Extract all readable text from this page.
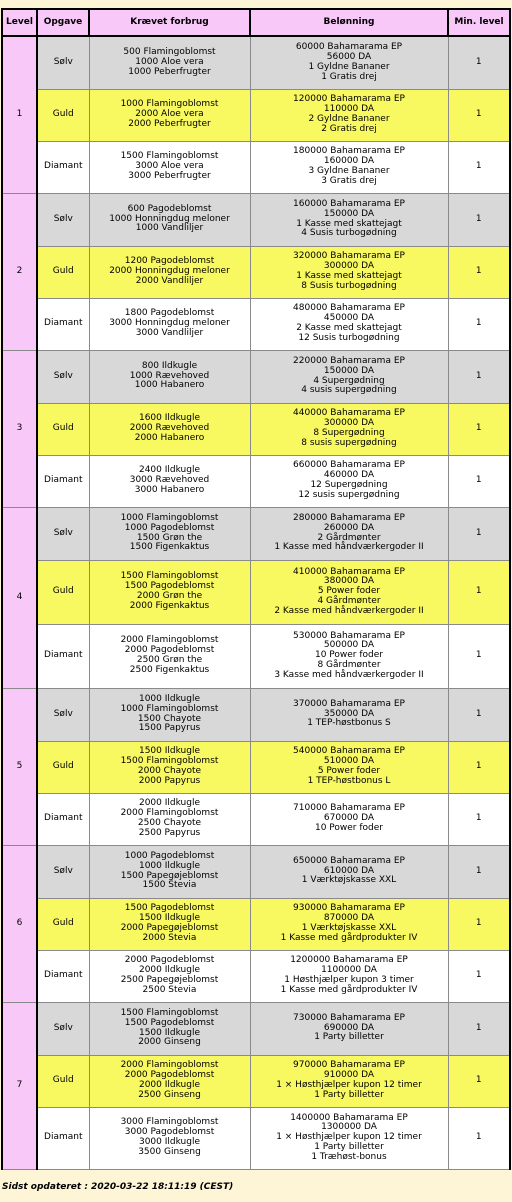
Level	Opgave	Krævet forbrug	Belønning	Min. level
1	Sølv	500 Flamingoblomst
1000 Aloe vera
1000 Peberfrugter	60000 Bahamarama EP
56000 DA
1 Gyldne Bananer
1 Gratis drej	1
	Guld	1000 Flamingoblomst
2000 Aloe vera
2000 Peberfrugter	120000 Bahamarama EP
110000 DA
2 Gyldne Bananer
2 Gratis drej	1
	Diamant	1500 Flamingoblomst
3000 Aloe vera
3000 Peberfrugter	180000 Bahamarama EP
160000 DA
3 Gyldne Bananer
3 Gratis drej	1
2	Sølv	600 Pagodeblomst
1000 Honningdug meloner
1000 Vandliljer	160000 Bahamarama EP
150000 DA
1 Kasse med skattejagt
4 Susis turbogødning	1
	Guld	1200 Pagodeblomst
2000 Honningdug meloner
2000 Vandliljer	320000 Bahamarama EP
300000 DA
1 Kasse med skattejagt
8 Susis turbogødning	1
	Diamant	1800 Pagodeblomst
3000 Honningdug meloner
3000 Vandliljer	480000 Bahamarama EP
450000 DA
2 Kasse med skattejagt
12 Susis turbogødning	1
3	Sølv	800 Ildkugle
1000 Rævehoved
1000 Habanero	220000 Bahamarama EP
150000 DA
4 Supergødning
4 susis supergødning	1
	Guld	1600 Ildkugle
2000 Rævehoved
2000 Habanero	440000 Bahamarama EP
300000 DA
8 Supergødning
8 susis supergødning	1
	Diamant	2400 Ildkugle
3000 Rævehoved
3000 Habanero	660000 Bahamarama EP
460000 DA
12 Supergødning
12 susis supergødning	1
4	Sølv	1000 Flamingoblomst
1000 Pagodeblomst
1500 Grøn the
1500 Figenkaktus	280000 Bahamarama EP
260000 DA
2 Gårdmønter
1 Kasse med håndværkergoder II	1
	Guld	1500 Flamingoblomst
1500 Pagodeblomst
2000 Grøn the
2000 Figenkaktus	410000 Bahamarama EP
380000 DA
5 Power foder
4 Gårdmønter
2 Kasse med håndværkergoder II	1
	Diamant	2000 Flamingoblomst
2000 Pagodeblomst
2500 Grøn the
2500 Figenkaktus	530000 Bahamarama EP
500000 DA
10 Power foder
8 Gårdmønter
3 Kasse med håndværkergoder II	1
5	Sølv	1000 Ildkugle
1000 Flamingoblomst
1500 Chayote
1500 Papyrus	370000 Bahamarama EP
350000 DA
1 TEP-høstbonus S	1
	Guld	1500 Ildkugle
1500 Flamingoblomst
2000 Chayote
2000 Papyrus	540000 Bahamarama EP
510000 DA
5 Power foder
1 TEP-høstbonus L	1
	Diamant	2000 Ildkugle
2000 Flamingoblomst
2500 Chayote
2500 Papyrus	710000 Bahamarama EP
670000 DA
10 Power foder	1
6	Sølv	1000 Pagodeblomst
1000 Ildkugle
1500 Papegøjeblomst
1500 Stevia	650000 Bahamarama EP
610000 DA
1 Værktøjskasse XXL	1
	Guld	1500 Pagodeblomst
1500 Ildkugle
2000 Papegøjeblomst
2000 Stevia	930000 Bahamarama EP
870000 DA
1 Værktøjskasse XXL
1 Kasse med gårdprodukter IV	1
	Diamant	2000 Pagodeblomst
2000 Ildkugle
2500 Papegøjeblomst
2500 Stevia	1200000 Bahamarama EP
1100000 DA
1 Høsthjælper kupon 3 timer
1 Kasse med gårdprodukter IV	1
7	Sølv	1500 Flamingoblomst
1500 Pagodeblomst
1500 Ildkugle
2000 Ginseng	730000 Bahamarama EP
690000 DA
1 Party billetter	1
	Guld	2000 Flamingoblomst
2000 Pagodeblomst
2000 Ildkugle
2500 Ginseng	970000 Bahamarama EP
910000 DA
1 × Høsthjælper kupon 12 timer
1 Party billetter	1
	Diamant	3000 Flamingoblomst
3000 Pagodeblomst
3000 Ildkugle
3500 Ginseng	1400000 Bahamarama EP
1300000 DA
1 × Høsthjælper kupon 12 timer
1 Party billetter
1 Træhøst-bonus	1
Sidst opdateret : 2020-03-22 18:11:19 (CEST)
